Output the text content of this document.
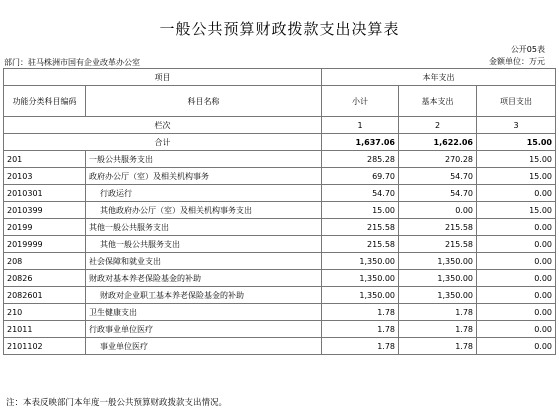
一般公共预算财政拨款支出决算表
公开05表
部门：驻马株洲市国有企业改革办公室	金额单位：万元
项目		本年支出		
功能分类科目编码	科目名称	小计	基本支出	项目支出
栏次		1	2	3
合计		1,637.06	1,622.06	15.00
201	一般公共服务支出	285.28	270.28	15.00
20103	政府办公厅（室）及相关机构事务	69.70	54.70	15.00
2010301	行政运行	54.70	54.70	0.00
2010399	其他政府办公厅（室）及相关机构事务支出	15.00	0.00	15.00
20199	其他一般公共服务支出	215.58	215.58	0.00
2019999	其他一般公共服务支出	215.58	215.58	0.00
208	社会保障和就业支出	1,350.00	1,350.00	0.00
20826	财政对基本养老保险基金的补助	1,350.00	1,350.00	0.00
2082601	财政对企业职工基本养老保险基金的补助	1,350.00	1,350.00	0.00
210	卫生健康支出	1.78	1.78	0.00
21011	行政事业单位医疗	1.78	1.78	0.00
2101102	事业单位医疗	1.78	1.78	0.00
注：本表反映部门本年度一般公共预算财政拨款支出情况。
